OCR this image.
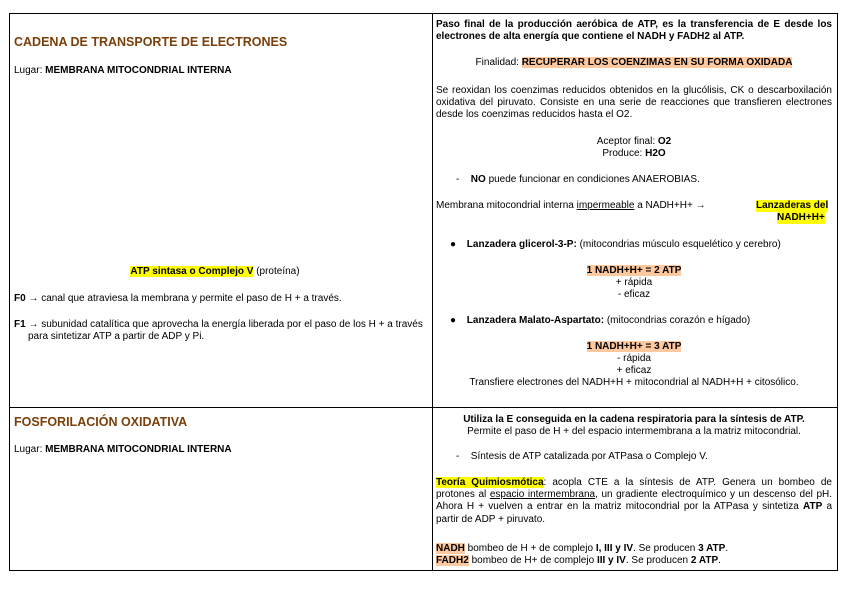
CADENA DE TRANSPORTE DE ELECTRONES
Lugar: MEMBRANA MITOCONDRIAL INTERNA
ATP sintasa o Complejo V (proteína)
F0 → canal que atraviesa la membrana y permite el paso de H + a través.
F1 → subunidad catalítica que aprovecha la energía liberada por el paso de los H + a través para sintetizar ATP a partir de ADP y Pi.
Paso final de la producción aeróbica de ATP, es la transferencia de E desde los electrones de alta energía que contiene el NADH y FADH2 al ATP.
Finalidad: RECUPERAR LOS COENZIMAS EN SU FORMA OXIDADA
Se reoxidan los coenzimas reducidos obtenidos en la glucólisis, CK o descarboxilación oxidativa del piruvato. Consiste en una serie de reacciones que transfieren electrones desde los coenzimas reducidos hasta el O2.
Aceptor final: O2
Produce: H2O
- NO puede funcionar en condiciones ANAEROBIAS.
Membrana mitocondrial interna impermeable a NADH+H+ →	Lanzaderas del
NADH+H+
● Lanzadera glicerol-3-P: (mitocondrias músculo esquelético y cerebro)
1 NADH+H+ = 2 ATP
+ rápida
- eficaz
● Lanzadera Malato-Aspartato: (mitocondrias corazón e hígado)
1 NADH+H+ = 3 ATP
- rápida
+ eficaz
Transfiere electrones del NADH+H + mitocondrial al NADH+H + citosólico.
FOSFORILACIÓN OXIDATIVA
Lugar: MEMBRANA MITOCONDRIAL INTERNA
Utiliza la E conseguida en la cadena respiratoria para la síntesis de ATP.
Permite el paso de H + del espacio intermembrana a la matriz mitocondrial.
- Síntesis de ATP catalizada por ATPasa o Complejo V.
Teoría Quimiosmótica: acopla CTE a la síntesis de ATP. Genera un bombeo de protones al espacio intermembrana, un gradiente electroquímico y un descenso del pH. Ahora H + vuelven a entrar en la matriz mitocondrial por la ATPasa y sintetiza ATP a partir de ADP + piruvato.
NADH bombeo de H + de complejo I, III y IV. Se producen 3 ATP.
FADH2 bombeo de H+ de complejo III y IV. Se producen 2 ATP.
